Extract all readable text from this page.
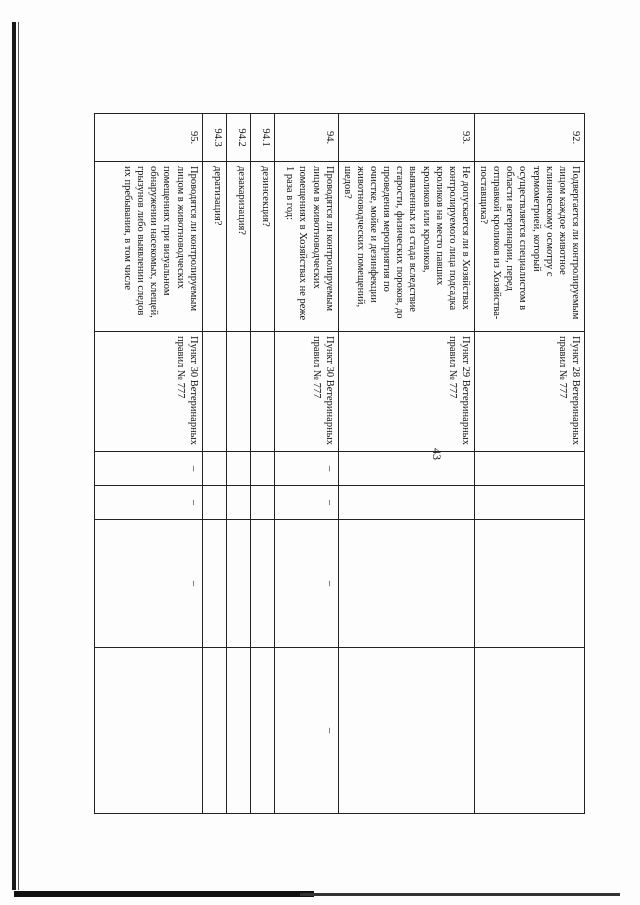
43
92.	Подвергается ли контролируемым лицом каждое животное клиническому осмотру с термометрией, который осуществляется специалистом в области ветеринарии, перед отправкой кроликов из Хозяйства-поставщика?	Пункт 28 Ветеринарных правил № 777				
93.	Не допускается ли в Хозяйствах контролируемого лица подсадка кроликов на место павших кроликов или кроликов, выявленных из стада вследствие старости, физических пороков, до проведения мероприятия по очистке, мойке и дезинфекции животноводческих помещений, шедов?	Пункт 29 Ветеринарных правил № 777				
94.	Проводятся ли контролируемым лицом в животноводческих помещениях в Хозяйствах не реже 1 раза в год:	Пункт 30 Ветеринарных правил № 777	–	–	–	–
94.1	дезинсекция?					
94.2	дезакаризация?					
94.3	дератизация?					
95.	Проводятся ли контролируемым лицом в животноводческих помещениях при визуальном обнаружении насекомых, клещей, грызунов либо выявлении следов их пребывания, в том числе	Пункт 30 Ветеринарных правил № 777	–	–	–	
